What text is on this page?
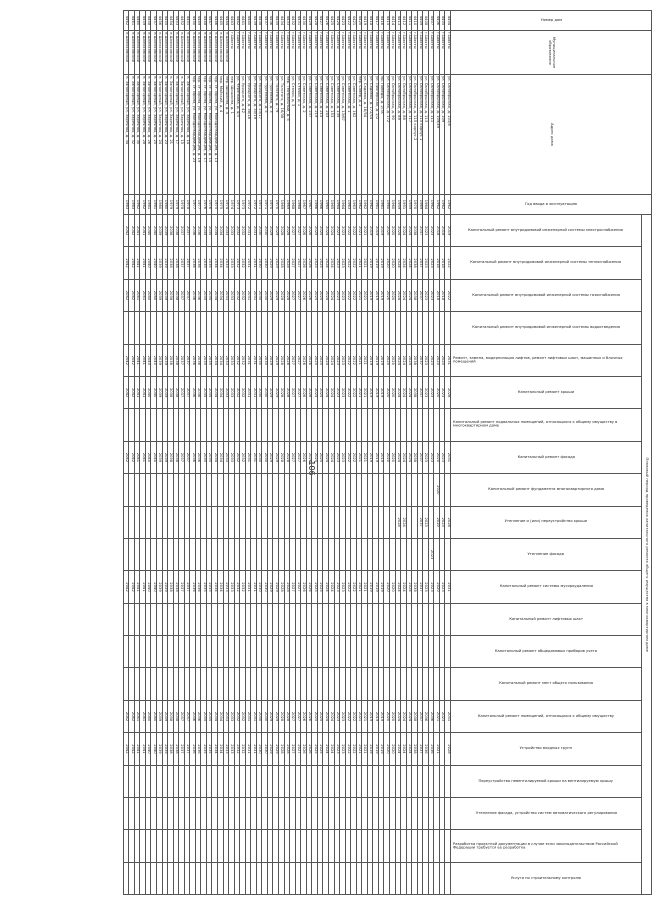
106
Номер дом	Муниципальное образование	Адрес дома	Год ввода в эксплуатацию	Плановый период проведения капитального ремонта общего имущества в многоквартирном доме																				

				Капитальный ремонт внутридомовой инженерной системы электроснабжения	Капитальный ремонт внутридомовой инженерной системы теплоснабжения	Капитальный ремонт внутридомовой инженерной системы газоснабжения	Капитальный ремонт внутридомовой инженерной системы водоотведения	Ремонт, замена, модернизация лифтов, ремонт лифтовых шахт, машинных и блочных помещений	Капитальный ремонт крыши	Капитальный ремонт подвальных помещений, относящихся к общему имуществу в многоквартирном доме	Капитальный ремонт фасада	Капитальный ремонт фундамента многоквартирного дома	Утепление и (или) переустройство крыши	Утепление фасада	Капитальный ремонт системы мусороудаления	Капитальный ремонт лифтовых шахт	Капитальный ремонт общедомовых приборов учета	Капитальный ремонт мест общего пользования	Капитальный ремонт помещений, относящихся к общему имуществу	Устройство входных групп	Переустройство невентилируемой крыши на вентилируемую крышу	Утепление фасада, устройство систем автоматического регулирования	Разработка проектной документации в случае если законодательством Российской Федерации требуется ее разработка	Услуги по строительному контролю

4404	г.Шахты	ул. Октябрьская, д. 103/8	1962	2019	2022	2022		2031	2028		2031		2028		2031				2031	2028				
4405	г.Шахты	ул. Октябрьская, д. 109	1962	2018	2018	2018		2020	2023		2023		2023		2023				2023					
4406	г.Шахты	ул. Октябрьская, д. 109/49	1962	2018	2018	2018		2020	2020		2020	2020	2020		2020				2021	2021				
4407	г.Шахты	ул. Октябрьская, д. 111	1962	2023	2023	2023		2023	2023		2023			2023	2023				2036	2036				
4408	г.Шахты	ул. Октябрьская, д. 113	1964	2023	2023	2023		2023	2023		2023		2023		2023				2036	2036				
4409	г.Шахты	ул. Октябрьская, д. 115 корпус 1	1969	2037	2037	2037		2037	2037		2037		2037		2037				2037	2037				
4410	г.Шахты	ул. Октябрьская, д. 115 корпус 2	1970	2038	2038	2038		2038	2038		2038				2038				2038	2038				
4411	г.Шахты	ул. Октябрьская, д. 117	1959	2024	2024	2024		2024	2024		2024				2024				2024	2024				
4412	г.Шахты	ул. Октябрьская, д. 88	1951	2024	2024	2024		2024	2024		2024		2024		2024				2024	2024				
4413	г.Шахты	ул. Октябрьская, д. 89	1959	2024	2024	2024		2024	2024		2024		2024		2024				2024	2024				
4414	г.Шахты	ул. Октябрьская, д. 90	1960	2020	2020	2020		2020	2020		2020				2020				2020	2020				
4415	г.Шахты	ул. Октябрьская, д. 172	1960	2020	2020	2020		2020	2020		2020				2020				2020	2020				
4416	г.Шахты	пр. Победы, д. 2/78	1961	2019	2019	2019		2019	2019		2019				2019				2019	2019				
4417	г.Шахты	ул. Пионерская, д. 2/2	1961	2019	2019	2019		2019	2019		2019				2019				2019	2019				
4418	г.Шахты	ул. Садовая, д. 172/14	1962	2019	2019	2019		2019	2019		2019				2019				2019	2019				
4419	г.Шахты	ул. Садовая, д. 16/54	1962	2021	2021	2021		2021	2021		2021				2021				2021	2021				
4420	г.Шахты	пер. Сквер, д. 2	1962	2021	2021	2021		2021	2021		2021				2021				2021	2021				
4421	г.Шахты	ул. Советская, д. 162	1963	2022	2022	2022		2022	2022		2022				2022				2022	2022				
4422	г.Шахты	ул. Советская, д. 1	1963	2022	2022	2022		2022	2022		2022				2022				2022	2022				
4423	г.Шахты	ул. Советская, д. 13/67	1964	2023	2023	2023		2023	2023		2023				2023				2023	2023				
4424	г.Шахты	ул. Советская, д. 135	1964	2023	2023	2023		2023	2023		2023				2023				2023	2023				
4425	г.Шахты	ул. Советская, д. 153	1965	2024	2024	2024		2024	2024		2024				2024				2024	2024				
4426	г.Шахты	ул. Советская, д. 203	1965	2024	2024	2024		2024	2024		2024				2024				2024	2024				
4427	г.Шахты	ул. Советская, д. 215	1966	2025	2025	2025		2025	2025		2025				2025				2025	2025				
4428	г.Шахты	ул. Советская, д. 219	1966	2025	2025	2025		2025	2025		2025				2025				2025	2025				
4429	г.Шахты	ул. Советская, д. 237	1967	2026	2026	2026		2026	2026		2026				2026				2026	2026				
4430	г.Шахты	ул. Советская, д. 2	1967	2026	2026	2026		2026	2026		2026				2026				2026	2026				
4431	г.Шахты	ул. Стачки, д. 1	1968	2027	2027	2027		2027	2027		2027				2027				2027	2027				
4432	г.Шахты	ул. Стачки, д. 3	1968	2027	2027	2027		2027	2027		2027				2027				2027	2027				
4433	г.Шахты	пер. Театральный, д. 5	1969	2028	2028	2028		2028	2028		2028				2028				2028	2028				
4434	г.Шахты	ул. Толстого, д. 16/38	1969	2028	2028	2028		2028	2028		2028				2028				2028	2028				
4435	г.Шахты	ул. Толстого, д. 79	1970	2029	2029	2029		2029	2029		2029				2029				2029	2029				
4436	г.Шахты	ул. Тургенева, д. 3	1970	2029	2029	2029		2029	2029		2029				2029				2029	2029				
4437	г.Шахты	ул. Тургенева, д. 5	1971	2030	2030	2030		2030	2030		2030				2030				2030	2030				
4438	г.Шахты	ул. Урицкого, д. 23/17	1971	2030	2030	2030		2030	2030		2030				2030				2030	2030				
4439	г.Шахты	ул. Урицкого, д. 30/19	1972	2031	2031	2031		2031	2031		2031				2031				2031	2031				
4440	г.Шахты	ул. Урицкого, д. 38/18	1972	2031	2031	2031		2031	2031		2031				2031				2031	2031				
4441	г.Шахты	ул. Урицкого, д. 42	1973	2032	2032	2032		2032	2032		2032				2032				2032	2032				
4442	г.Шахты	ул. Черенкова, д. 4/3	1973	2032	2032	2032		2032	2032		2032				2032				2032	2032				
4443	г.Шахты	пер. Шишкина, д. 1	1974	2033	2033	2033		2033	2033		2033				2033				2033	2033				
4444	п.Шолоховский	пер. Шишкина, д. 4	1974	2033	2033	2033		2033	2033		2033				2033				2033	2033				
4445	п.Шолоховский	мкр. Майский, д. 4	1975	2034	2034	2034		2034	2034		2034				2034				2034	2034				
4446	п.Шолоховский	м/р. ст. Ирина, ул. Молодогвардейцев, д. 13	1975	2034	2034	2034		2034	2034		2034				2034				2034	2034				
4447	п.Шолоховский	м/р. ст. Ирина, ул. Молодогвардейцев, д. 15	1976	2035	2035	2035		2035	2035		2035				2035				2035	2035				
4448	п.Шолоховский	м/р. ст. Ирина, ул. Молодогвардейцев, д. 17	1976	2035	2035	2035		2035	2035		2035				2035				2035	2035				
4449	п.Шолоховский	м/р. ст. Ирина, ул. Молодогвардейцев, д. 19	1977	2036	2036	2036		2036	2036		2036				2036				2036	2036				
4450	п.Шолоховский	м/р. ст. Ирина, ул. Молодогвардейцев, д. 23	1977	2036	2036	2036		2036	2036		2036				2036				2036	2036				
4451	п.Шолоховский	п. Заполярный, ул. Заречная, д. 14	1978	2037	2037	2037		2037	2037		2037				2037				2037	2037				
4452	п.Шолоховский	п. Заполярный, ул. Заречная, д. 15	1978	2037	2037	2037		2037	2037		2037				2037				2037	2037				
4453	п.Шолоховский	п. Заполярный, ул. Заречная, д. 17	1979	2038	2038	2038		2038	2038		2038				2038				2038	2038				
4454	п.Шолоховский	п. Заполярный, ул. Заречная, д. 21	1979	2038	2038	2038		2038	2038		2038				2038				2038	2038				
4455	п.Шолоховский	п. Заполярный, ул. Заречная, д. 23	1980	2039	2039	2039		2039	2039		2039				2039				2039	2039				
4456	п.Шолоховский	п. Заполярный, ул. Заречная, д. 24	1980	2039	2039	2039		2039	2039		2039				2039				2039	2039				
4457	п.Шолоховский	п. Заполярный, ул. Заречная, д. 25	1981	2040	2040	2040		2040	2040		2040				2040				2040	2040				
4458	п.Шолоховский	п. Заполярный, ул. Заречная, д. 26	1981	2040	2040	2040		2040	2040		2040				2040				2040	2040				
4459	п.Шолоховский	п. Заполярный, ул. Заречная, д. 28	1982	2041	2041	2041		2041	2041		2041				2041				2041	2041				
4460	п.Шолоховский	п. Заполярный, ул. Заречная, д. 30	1982	2041	2041	2041		2041	2041		2041				2041				2041	2041				
4461	п.Шолоховский	п. Заполярный, ул. Заречная, д. 32	1983	2042	2042	2042		2042	2042		2042				2042				2042	2042				
4462	п.Шолоховский	п. Заполярный, ул. Заречная, д. 34	1983	2042	2042	2042		2042	2042		2042				2042				2042	2042				
